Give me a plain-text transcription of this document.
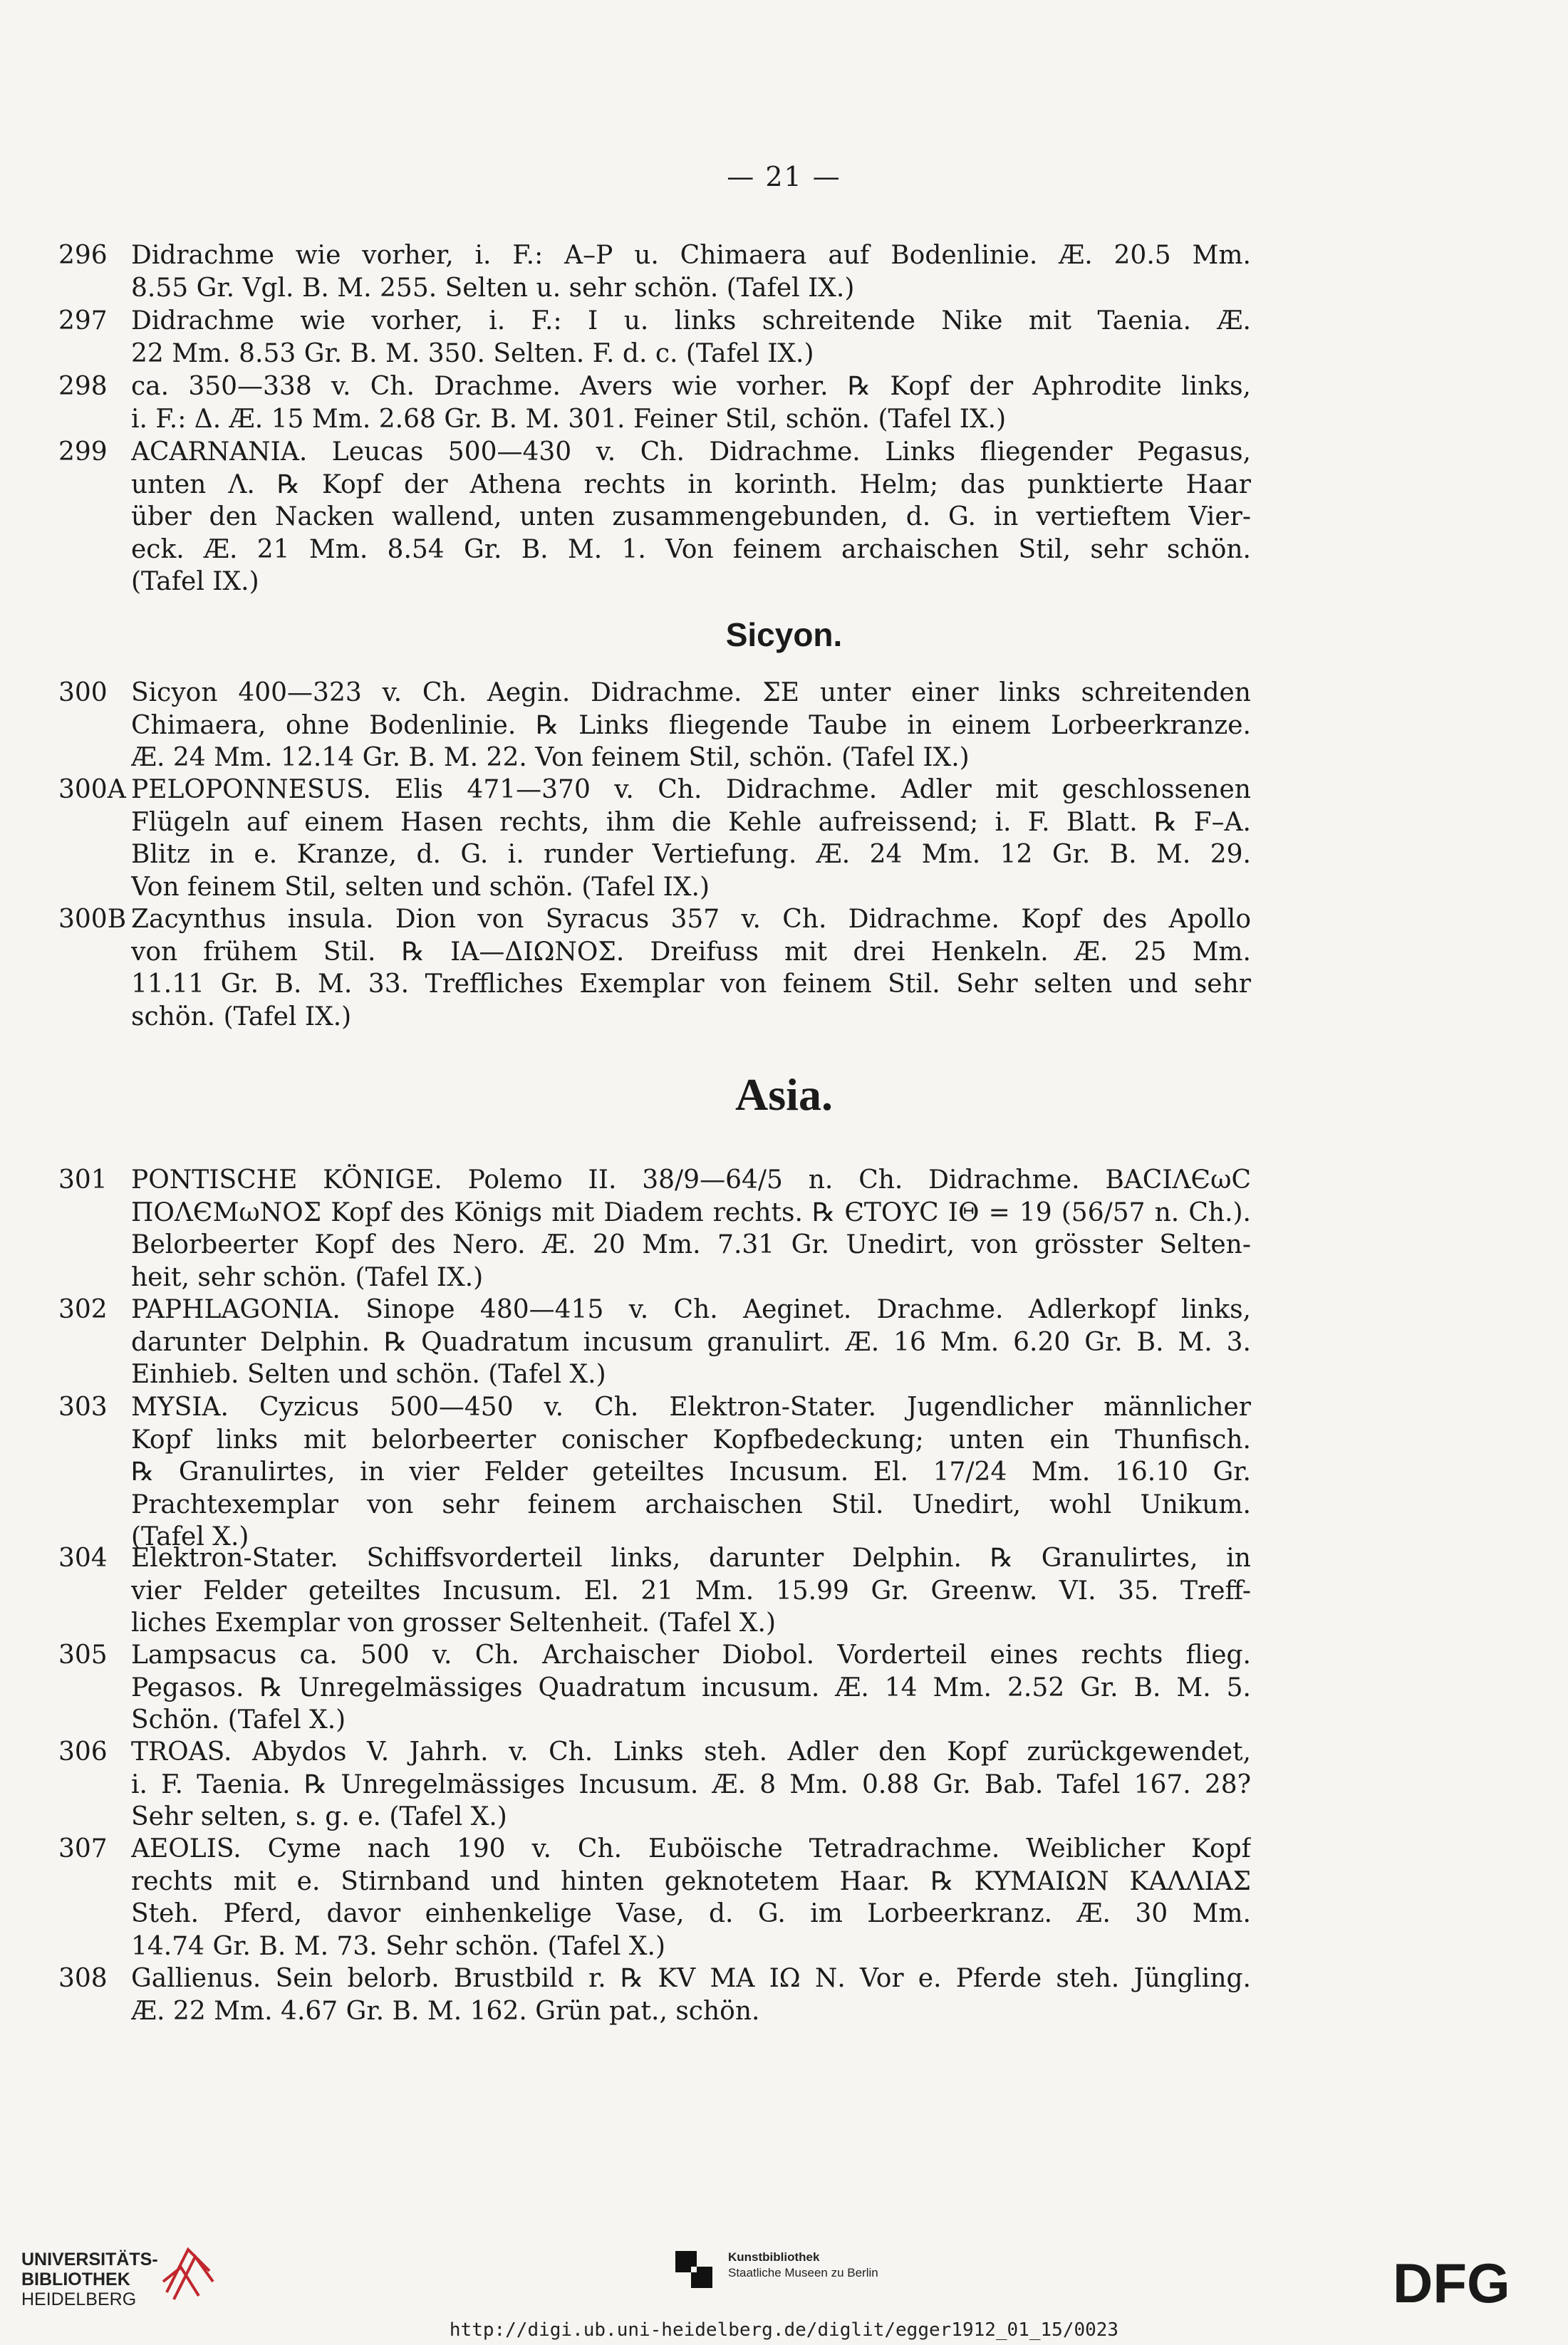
— 21 —
296 Didrachme wie vorher, i. F.: A–P u. Chimaera auf Bodenlinie. Æ. 20.5 Mm.
8.55 Gr. Vgl. B. M. 255. Selten u. sehr schön. (Tafel IX.)
297 Didrachme wie vorher, i. F.: I u. links schreitende Nike mit Taenia. Æ.
22 Mm. 8.53 Gr. B. M. 350. Selten. F. d. c. (Tafel IX.)
298 ca. 350—338 v. Ch. Drachme. Avers wie vorher. ℞ Kopf der Aphrodite links,
i. F.: Δ. Æ. 15 Mm. 2.68 Gr. B. M. 301. Feiner Stil, schön. (Tafel IX.)
299 ACARNANIA. Leucas 500—430 v. Ch. Didrachme. Links fliegender Pegasus,
unten Λ. ℞ Kopf der Athena rechts in korinth. Helm; das punktierte Haar
über den Nacken wallend, unten zusammengebunden, d. G. in vertieftem Vier-
eck. Æ. 21 Mm. 8.54 Gr. B. M. 1. Von feinem archaischen Stil, sehr schön.
(Tafel IX.)
300 Sicyon 400—323 v. Ch. Aegin. Didrachme. ΣΕ unter einer links schreitenden
Chimaera, ohne Bodenlinie. ℞ Links fliegende Taube in einem Lorbeerkranze.
Æ. 24 Mm. 12.14 Gr. B. M. 22. Von feinem Stil, schön. (Tafel IX.)
300A PELOPONNESUS. Elis 471—370 v. Ch. Didrachme. Adler mit geschlossenen
Flügeln auf einem Hasen rechts, ihm die Kehle aufreissend; i. F. Blatt. ℞ F–A.
Blitz in e. Kranze, d. G. i. runder Vertiefung. Æ. 24 Mm. 12 Gr. B. M. 29.
Von feinem Stil, selten und schön. (Tafel IX.)
300B Zacynthus insula. Dion von Syracus 357 v. Ch. Didrachme. Kopf des Apollo
von frühem Stil. ℞ ΙΑ—ΔΙΩΝΟΣ. Dreifuss mit drei Henkeln. Æ. 25 Mm.
11.11 Gr. B. M. 33. Treffliches Exemplar von feinem Stil. Sehr selten und sehr
schön. (Tafel IX.)
301 PONTISCHE KÖNIGE. Polemo II. 38/9—64/5 n. Ch. Didrachme. ΒΑCΙΛЄωC
ΠΟΛЄΜωΝΟΣ Kopf des Königs mit Diadem rechts. ℞ ЄΤΟΥC ΙΘ = 19 (56/57 n. Ch.).
Belorbeerter Kopf des Nero. Æ. 20 Mm. 7.31 Gr. Unedirt, von grösster Selten-
heit, sehr schön. (Tafel IX.)
302 PAPHLAGONIA. Sinope 480—415 v. Ch. Aeginet. Drachme. Adlerkopf links,
darunter Delphin. ℞ Quadratum incusum granulirt. Æ. 16 Mm. 6.20 Gr. B. M. 3.
Einhieb. Selten und schön. (Tafel X.)
303 MYSIA. Cyzicus 500—450 v. Ch. Elektron-Stater. Jugendlicher männlicher
Kopf links mit belorbeerter conischer Kopfbedeckung; unten ein Thunfisch.
℞ Granulirtes, in vier Felder geteiltes Incusum. El. 17/24 Mm. 16.10 Gr.
Prachtexemplar von sehr feinem archaischen Stil. Unedirt, wohl Unikum.
(Tafel X.)
304 Elektron-Stater. Schiffsvorderteil links, darunter Delphin. ℞ Granulirtes, in
vier Felder geteiltes Incusum. El. 21 Mm. 15.99 Gr. Greenw. VI. 35. Treff-
liches Exemplar von grosser Seltenheit. (Tafel X.)
305 Lampsacus ca. 500 v. Ch. Archaischer Diobol. Vorderteil eines rechts flieg.
Pegasos. ℞ Unregelmässiges Quadratum incusum. Æ. 14 Mm. 2.52 Gr. B. M. 5.
Schön. (Tafel X.)
306 TROAS. Abydos V. Jahrh. v. Ch. Links steh. Adler den Kopf zurückgewendet,
i. F. Taenia. ℞ Unregelmässiges Incusum. Æ. 8 Mm. 0.88 Gr. Bab. Tafel 167. 28?
Sehr selten, s. g. e. (Tafel X.)
307 AEOLIS. Cyme nach 190 v. Ch. Euböische Tetradrachme. Weiblicher Kopf
rechts mit e. Stirnband und hinten geknotetem Haar. ℞ ΚΥΜΑΙΩΝ ΚΑΛΛΙΑΣ
Steh. Pferd, davor einhenkelige Vase, d. G. im Lorbeerkranz. Æ. 30 Mm.
14.74 Gr. B. M. 73. Sehr schön. (Tafel X.)
308 Gallienus. Sein belorb. Brustbild r. ℞ ΚV ΜΑ ΙΩ Ν. Vor e. Pferde steh. Jüngling.
Æ. 22 Mm. 4.67 Gr. B. M. 162. Grün pat., schön.
Sicyon.
Asia.
UNIVERSITÄTS-
BIBLIOTHEK
HEIDELBERG
Kunstbibliothek
Staatliche Museen zu Berlin	DFG
http://digi.ub.uni-heidelberg.de/diglit/egger1912_01_15/0023
